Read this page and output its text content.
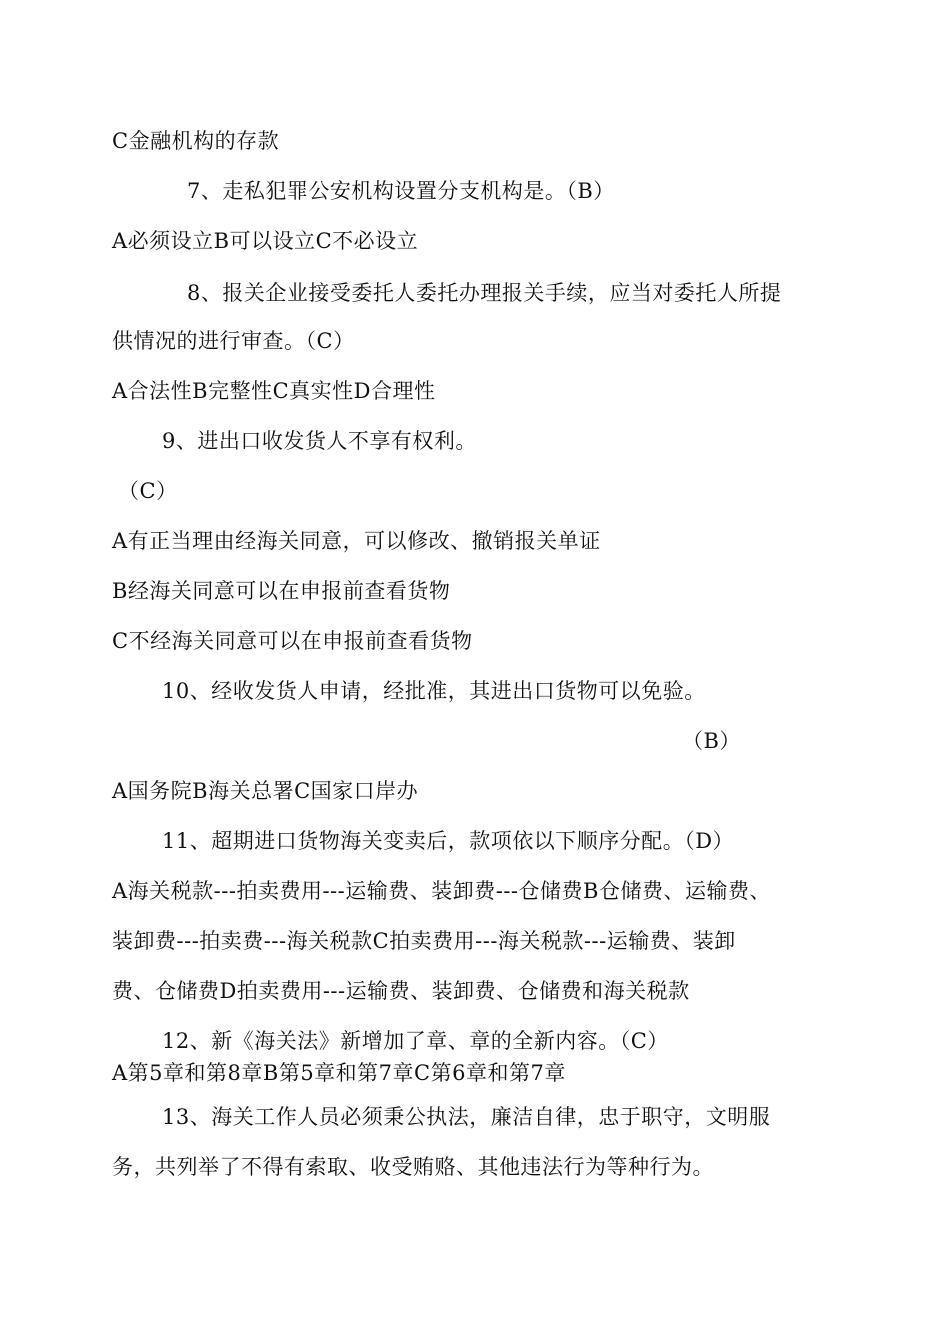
C金融机构的存款
7、走私犯罪公安机构设置分支机构是。（B）
A必须设立B可以设立C不必设立
8、报关企业接受委托人委托办理报关手续，应当对委托人所提
供情况的进行审查。（C）
A合法性B完整性C真实性D合理性
9、进出口收发货人不享有权利。
（C）
A有正当理由经海关同意，可以修改、撤销报关单证
B经海关同意可以在申报前查看货物
C不经海关同意可以在申报前查看货物
10、经收发货人申请，经批准，其进出口货物可以免验。
（B）
A国务院B海关总署C国家口岸办
11、超期进口货物海关变卖后，款项依以下顺序分配。（D）
A海关税款---拍卖费用---运输费、装卸费---仓储费B仓储费、运输费、
装卸费---拍卖费---海关税款C拍卖费用---海关税款---运输费、装卸
费、仓储费D拍卖费用---运输费、装卸费、仓储费和海关税款
12、新《海关法》新增加了章、章的全新内容。（C）
A第5章和第8章B第5章和第7章C第6章和第7章
13、海关工作人员必须秉公执法，廉洁自律，忠于职守，文明服
务，共列举了不得有索取、收受贿赂、其他违法行为等种行为。
